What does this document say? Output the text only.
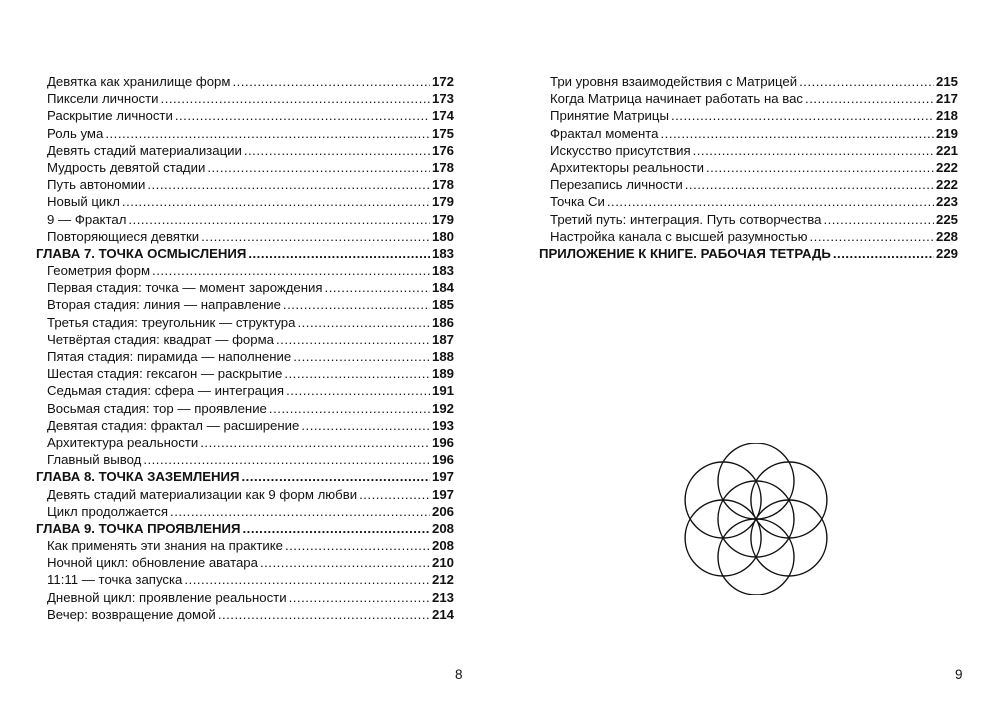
Девятка как хранилище форм .....	172
Пиксели личности .....	173
Раскрытие личности .....	174
Роль ума .....	175
Девять стадий материализации .....	176
Мудрость девятой стадии .....	178
Путь автономии .....	178
Новый цикл .....	179
9 — Фрактал .....	179
Повторяющиеся девятки .....	180
ГЛАВА 7. ТОЧКА ОСМЫСЛЕНИЯ .....	183
Геометрия форм .....	183
Первая стадия: точка — момент зарождения .....	184
Вторая стадия: линия — направление .....	185
Третья стадия: треугольник — структура .....	186
Четвёртая стадия: квадрат — форма .....	187
Пятая стадия: пирамида — наполнение .....	188
Шестая стадия: гексагон — раскрытие .....	189
Седьмая стадия: сфера — интеграция .....	191
Восьмая стадия: тор — проявление .....	192
Девятая стадия: фрактал — расширение .....	193
Архитектура реальности .....	196
Главный вывод .....	196
ГЛАВА 8. ТОЧКА ЗАЗЕМЛЕНИЯ .....	197
Девять стадий материализации как 9 форм любви .....	197
Цикл продолжается .....	206
ГЛАВА 9. ТОЧКА ПРОЯВЛЕНИЯ .....	208
Как применять эти знания на практике .....	208
Ночной цикл: обновление аватара .....	210
11:11 — точка запуска .....	212
Дневной цикл: проявление реальности .....	213
Вечер: возвращение домой .....	214
8
Три уровня взаимодействия с Матрицей .....	215
Когда Матрица начинает работать на вас .....	217
Принятие Матрицы .....	218
Фрактал момента .....	219
Искусство присутствия .....	221
Архитекторы реальности .....	222
Перезапись личности .....	222
Точка Си .....	223
Третий путь: интеграция. Путь сотворчества .....	225
Настройка канала с высшей разумностью .....	228
ПРИЛОЖЕНИЕ К КНИГЕ. РАБОЧАЯ ТЕТРАДЬ .....	229
9
